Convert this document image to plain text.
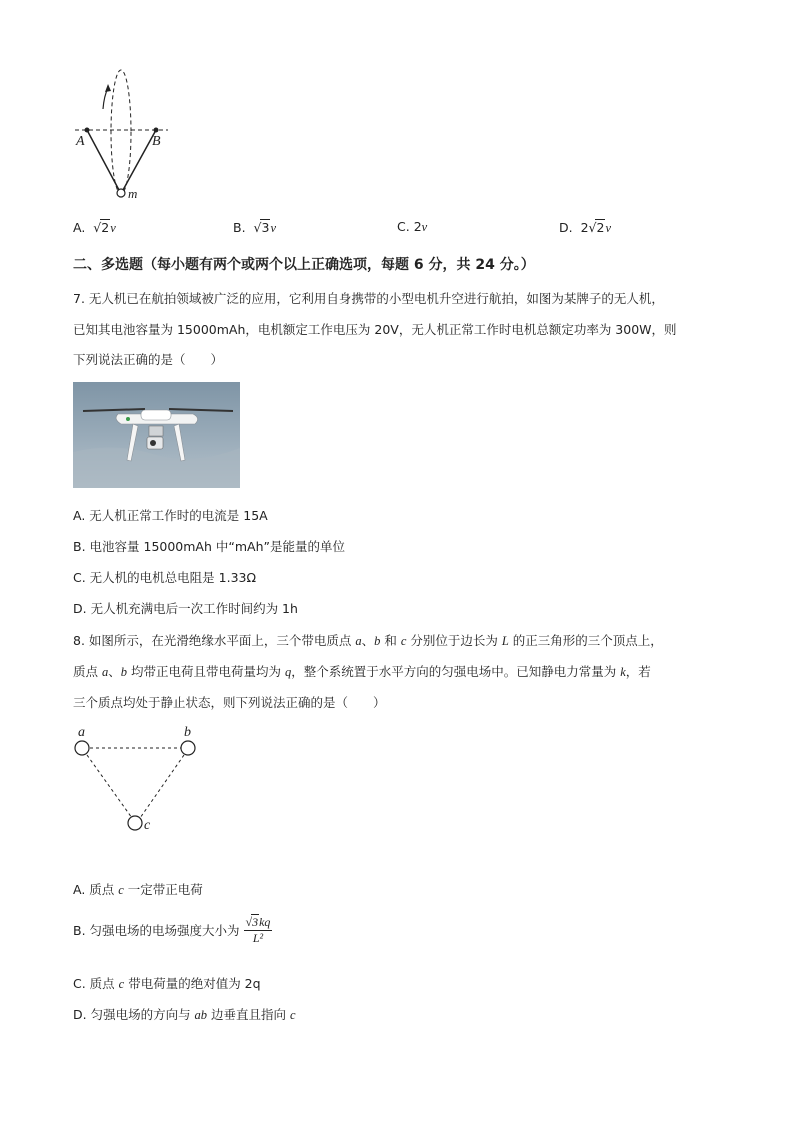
A	B
m
A. √2v	B. √3v	C. 2v	D. 2√2v
二、多选题（每小题有两个或两个以上正确选项，每题 6 分，共 24 分。）
7. 无人机已在航拍领域被广泛的应用，它利用自身携带的小型电机升空进行航拍，如图为某牌子的无人机，
已知其电池容量为 15000mAh，电机额定工作电压为 20V，无人机正常工作时电机总额定功率为 300W，则
下列说法正确的是（　　）
A. 无人机正常工作时的电流是 15A
B. 电池容量 15000mAh 中“mAh”是能量的单位
C. 无人机的电机总电阻是 1.33Ω
D. 无人机充满电后一次工作时间约为 1h
8. 如图所示，在光滑绝缘水平面上，三个带电质点 a、b 和 c 分别位于边长为 L 的正三角形的三个顶点上，
质点 a、b 均带正电荷且带电荷量均为 q，整个系统置于水平方向的匀强电场中。已知静电力常量为 k，若
三个质点均处于静止状态，则下列说法正确的是（　　）
a	b
c
A. 质点 c 一定带正电荷
B. 匀强电场的电场强度大小为 $\frac{√3kq}{\text{L²}}$
C. 质点 c 带电荷量的绝对值为 2q
D. 匀强电场的方向与 ab 边垂直且指向 c
